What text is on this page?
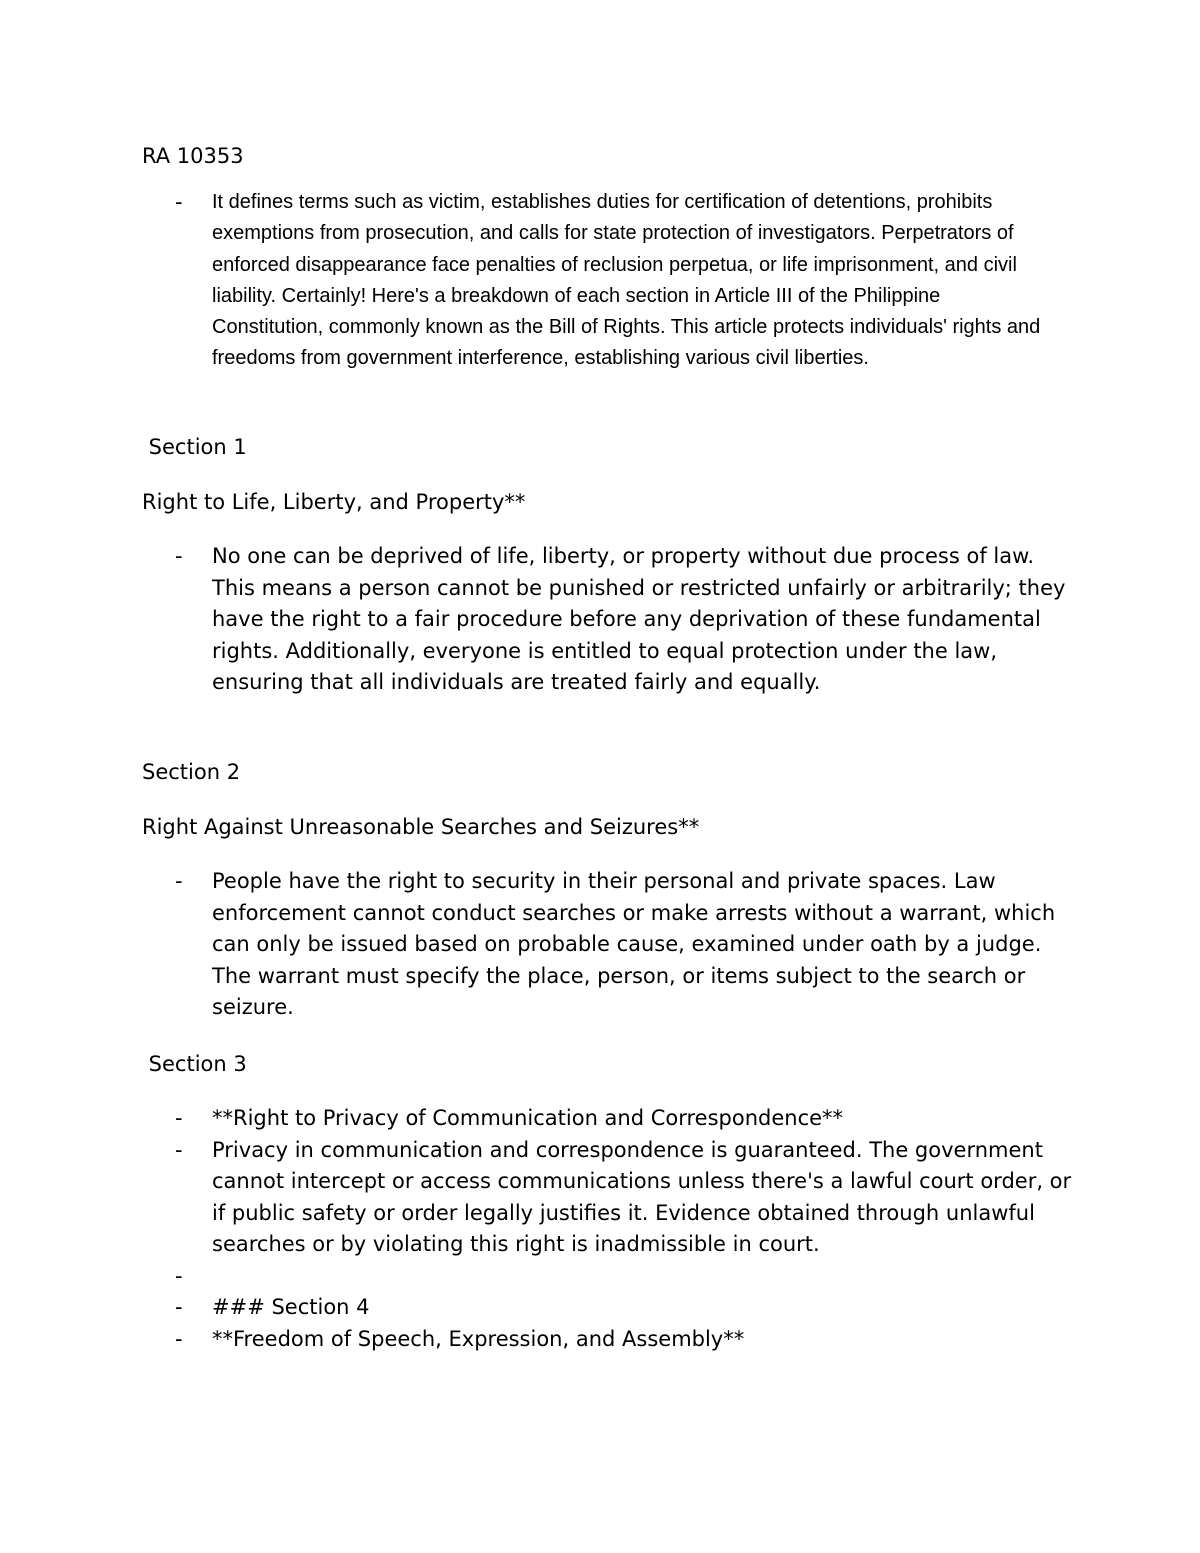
RA 10353
- It defines terms such as victim, establishes duties for certification of detentions, prohibits exemptions from prosecution, and calls for state protection of investigators. Perpetrators of enforced disappearance face penalties of reclusion perpetua, or life imprisonment, and civil liability. Certainly! Here's a breakdown of each section in Article III of the Philippine Constitution, commonly known as the Bill of Rights. This article protects individuals' rights and freedoms from government interference, establishing various civil liberties.
Section 1
Right to Life, Liberty, and Property**
- No one can be deprived of life, liberty, or property without due process of law. This means a person cannot be punished or restricted unfairly or arbitrarily; they have the right to a fair procedure before any deprivation of these fundamental rights. Additionally, everyone is entitled to equal protection under the law, ensuring that all individuals are treated fairly and equally.
Section 2
Right Against Unreasonable Searches and Seizures**
- People have the right to security in their personal and private spaces. Law enforcement cannot conduct searches or make arrests without a warrant, which can only be issued based on probable cause, examined under oath by a judge. The warrant must specify the place, person, or items subject to the search or seizure.
Section 3
- **Right to Privacy of Communication and Correspondence**
- Privacy in communication and correspondence is guaranteed. The government cannot intercept or access communications unless there's a lawful court order, or if public safety or order legally justifies it. Evidence obtained through unlawful searches or by violating this right is inadmissible in court.
-
- ### Section 4
- **Freedom of Speech, Expression, and Assembly**
